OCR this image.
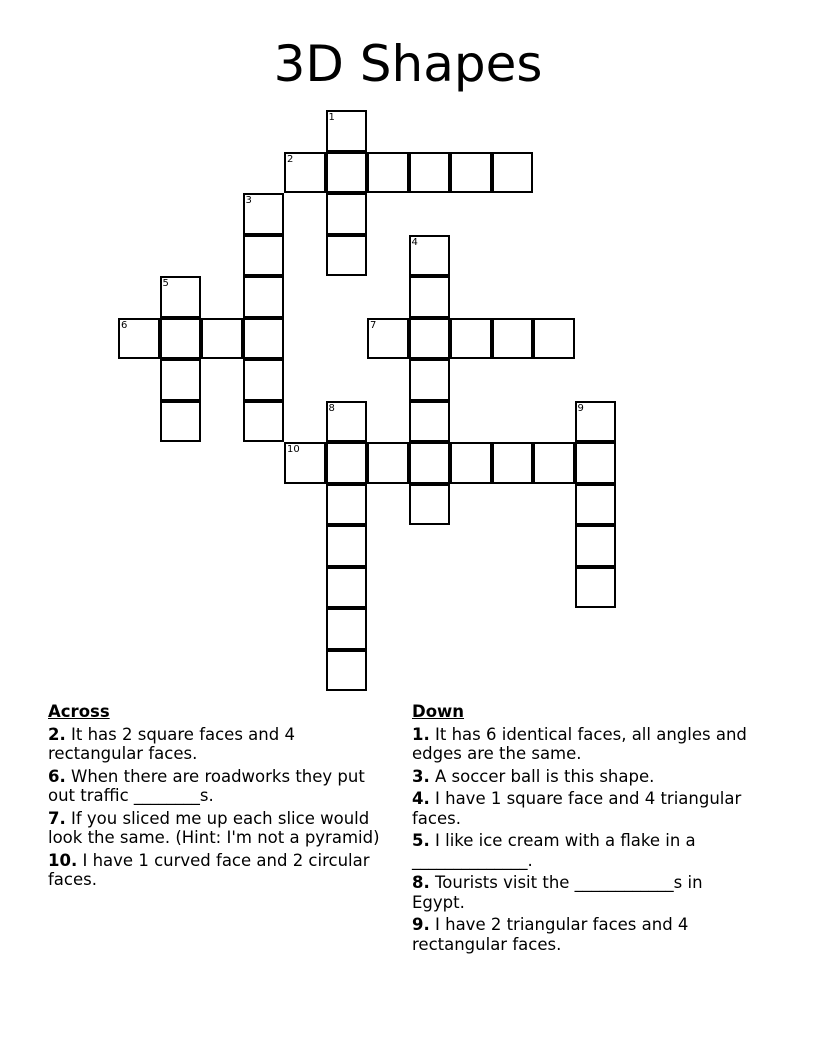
3D Shapes
1
2
3
4
5
6	7
8	9
10
Across
2. It has 2 square faces and 4 rectangular faces.
6. When there are roadworks they put out traffic ________s.
7. If you sliced me up each slice would look the same. (Hint: I'm not a pyramid)
10. I have 1 curved face and 2 circular faces.
Down
1. It has 6 identical faces, all angles and edges are the same.
3. A soccer ball is this shape.
4. I have 1 square face and 4 triangular faces.
5. I like ice cream with a flake in a ______________.
8. Tourists visit the ____________s in Egypt.
9. I have 2 triangular faces and 4 rectangular faces.
